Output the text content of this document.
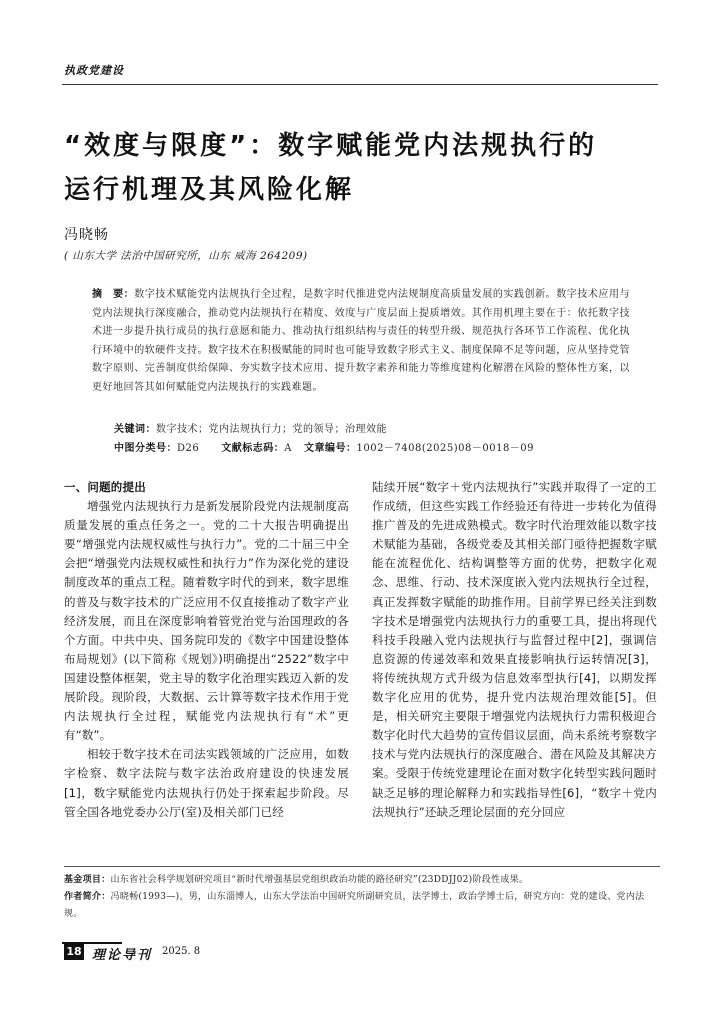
执政党建设
“效度与限度”：数字赋能党内法规执行的
运行机理及其风险化解
冯晓畅
( 山东大学 法治中国研究所，山东 威海 264209)
摘　要：数字技术赋能党内法规执行全过程，是数字时代推进党内法规制度高质量发展的实践创新。数字技术应用与党内法规执行深度融合，推动党内法规执行在精度、效度与广度层面上提质增效。其作用机理主要在于：依托数字技术进一步提升执行成员的执行意愿和能力、推动执行组织结构与责任的转型升级、规范执行各环节工作流程、优化执行环境中的软硬件支持。数字技术在积极赋能的同时也可能导致数字形式主义、制度保障不足等问题，应从坚持党管数字原则、完善制度供给保障、夯实数字技术应用、提升数字素养和能力等维度建构化解潜在风险的整体性方案，以更好地回答其如何赋能党内法规执行的实践难题。
关键词：数字技术；党内法规执行力；党的领导；治理效能
中图分类号：D26 文献标志码：A 文章编号：1002－7408(2025)08－0018－09

一、问题的提出

增强党内法规执行力是新发展阶段党内法规制度高质量发展的重点任务之一。党的二十大报告明确提出要“增强党内法规权威性与执行力”。党的二十届三中全会把“增强党内法规权威性和执行力”作为深化党的建设制度改革的重点工程。随着数字时代的到来，数字思维的普及与数字技术的广泛应用不仅直接推动了数字产业经济发展，而且在深度影响着管党治党与治国理政的各个方面。中共中央、国务院印发的《数字中国建设整体布局规划》(以下简称《规划》)明确提出“2522”数字中国建设整体框架，党主导的数字化治理实践迈入新的发展阶段。现阶段，大数据、云计算等数字技术作用于党内法规执行全过程，赋能党内法规执行有“术”更有“数”。

相较于数字技术在司法实践领域的广泛应用，如数字检察、数字法院与数字法治政府建设的快速发展[1]，数字赋能党内法规执行仍处于探索起步阶段。尽管全国各地党委办公厅(室)及相关部门已经

陆续开展“数字＋党内法规执行”实践并取得了一定的工作成绩，但这些实践工作经验还有待进一步转化为值得推广普及的先进成熟模式。数字时代治理效能以数字技术赋能为基础，各级党委及其相关部门亟待把握数字赋能在流程优化、结构调整等方面的优势，把数字化观念、思维、行动、技术深度嵌入党内法规执行全过程，真正发挥数字赋能的助推作用。目前学界已经关注到数字技术是增强党内法规执行力的重要工具，提出将现代科技手段融入党内法规执行与监督过程中[2]，强调信息资源的传递效率和效果直接影响执行运转情况[3]，将传统执规方式升级为信息效率型执行[4]，以期发挥数字化应用的优势，提升党内法规治理效能[5]。但是，相关研究主要限于增强党内法规执行力需积极迎合数字化时代大趋势的宣传倡议层面，尚未系统考察数字技术与党内法规执行的深度融合、潜在风险及其解决方案。受限于传统党建理论在面对数字化转型实践问题时缺乏足够的理论解释力和实践指导性[6]，“数字＋党内法规执行”还缺乏理论层面的充分回应

基金项目：山东省社会科学规划研究项目“新时代增强基层党组织政治功能的路径研究”(23DDJJ02)阶段性成果。
作者简介：冯晓畅(1993—)，男，山东淄博人，山东大学法治中国研究所副研究员，法学博士，政治学博士后，研究方向：党的建设、党内法规。
18 理论导刊 2025. 8
